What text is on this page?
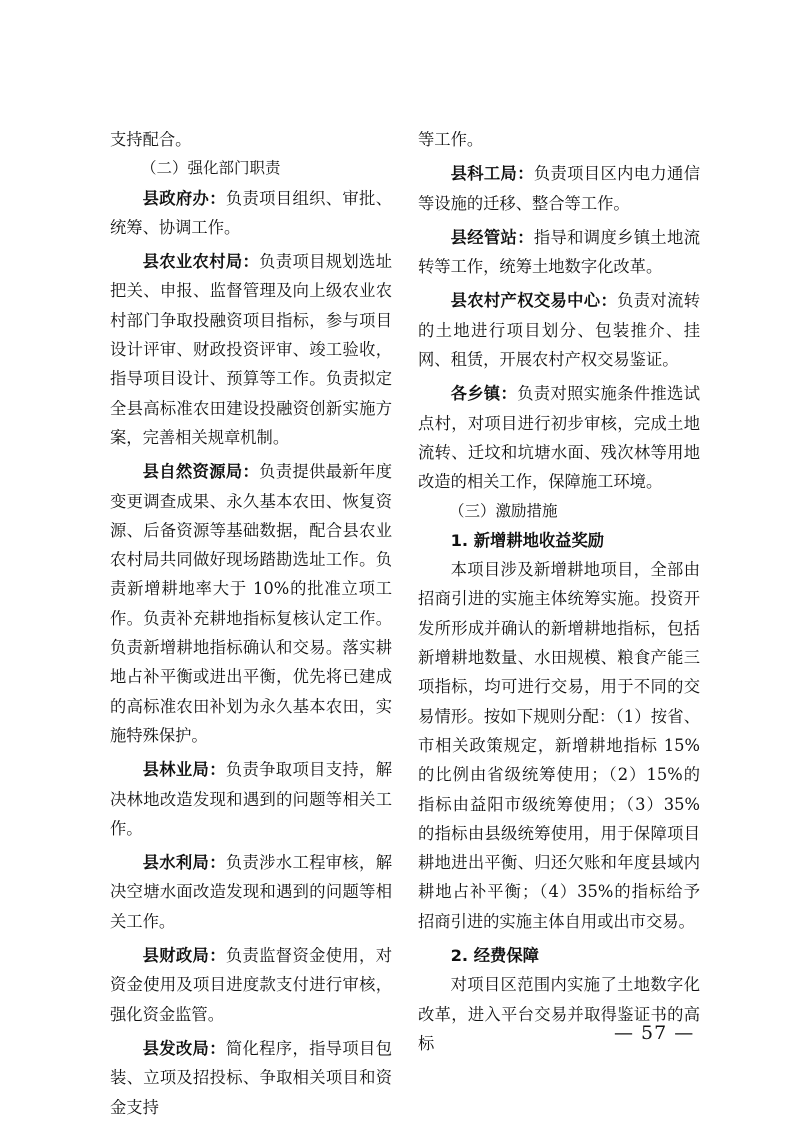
支持配合。

（二）强化部门职责

县政府办：负责项目组织、审批、统筹、协调工作。

县农业农村局：负责项目规划选址把关、申报、监督管理及向上级农业农村部门争取投融资项目指标，参与项目设计评审、财政投资评审、竣工验收，指导项目设计、预算等工作。负责拟定全县高标准农田建设投融资创新实施方案，完善相关规章机制。

县自然资源局：负责提供最新年度变更调查成果、永久基本农田、恢复资源、后备资源等基础数据，配合县农业农村局共同做好现场踏勘选址工作。负责新增耕地率大于 10%的批准立项工作。负责补充耕地指标复核认定工作。负责新增耕地指标确认和交易。落实耕地占补平衡或进出平衡，优先将已建成的高标准农田补划为永久基本农田，实施特殊保护。

县林业局：负责争取项目支持，解决林地改造发现和遇到的问题等相关工作。

县水利局：负责涉水工程审核，解决空塘水面改造发现和遇到的问题等相关工作。

县财政局：负责监督资金使用，对资金使用及项目进度款支付进行审核，强化资金监管。

县发改局：简化程序，指导项目包装、立项及招投标、争取相关项目和资金支持

等工作。

县科工局：负责项目区内电力通信等设施的迁移、整合等工作。

县经管站：指导和调度乡镇土地流转等工作，统筹土地数字化改革。

县农村产权交易中心：负责对流转的土地进行项目划分、包装推介、挂网、租赁，开展农村产权交易鉴证。

各乡镇：负责对照实施条件推选试点村，对项目进行初步审核，完成土地流转、迁坟和坑塘水面、残次林等用地改造的相关工作，保障施工环境。

（三）激励措施

1. 新增耕地收益奖励

本项目涉及新增耕地项目，全部由招商引进的实施主体统筹实施。投资开发所形成并确认的新增耕地指标，包括新增耕地数量、水田规模、粮食产能三项指标，均可进行交易，用于不同的交易情形。按如下规则分配：（1）按省、市相关政策规定，新增耕地指标 15%的比例由省级统筹使用；（2）15%的指标由益阳市级统筹使用；（3）35%的指标由县级统筹使用，用于保障项目耕地进出平衡、归还欠账和年度县域内耕地占补平衡；（4）35%的指标给予招商引进的实施主体自用或出市交易。

2. 经费保障

对项目区范围内实施了土地数字化改革，进入平台交易并取得鉴证书的高标	— 57 —
